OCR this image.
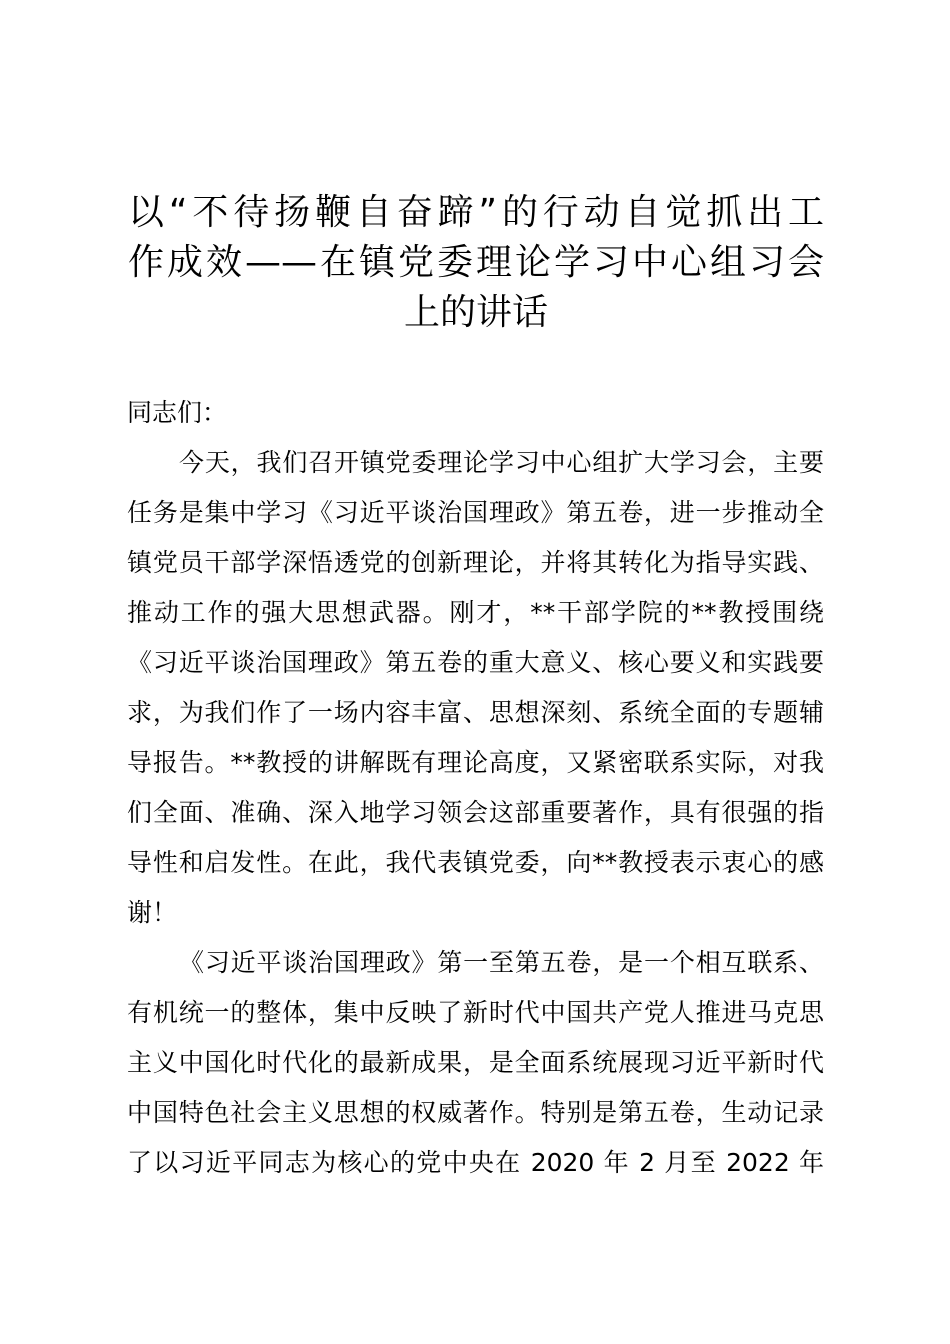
以“不待扬鞭自奋蹄”的行动自觉抓出工
作成效——在镇党委理论学习中心组习会
上的讲话
同志们：
今天，我们召开镇党委理论学习中心组扩大学习会，主要
任务是集中学习《习近平谈治国理政》第五卷，进一步推动全
镇党员干部学深悟透党的创新理论，并将其转化为指导实践、
推动工作的强大思想武器。刚才，**干部学院的**教授围绕
《习近平谈治国理政》第五卷的重大意义、核心要义和实践要
求，为我们作了一场内容丰富、思想深刻、系统全面的专题辅
导报告。**教授的讲解既有理论高度，又紧密联系实际，对我
们全面、准确、深入地学习领会这部重要著作，具有很强的指
导性和启发性。在此，我代表镇党委，向**教授表示衷心的感
谢！
《习近平谈治国理政》第一至第五卷，是一个相互联系、
有机统一的整体，集中反映了新时代中国共产党人推进马克思
主义中国化时代化的最新成果，是全面系统展现习近平新时代
中国特色社会主义思想的权威著作。特别是第五卷，生动记录
了以习近平同志为核心的党中央在 2020 年 2 月至 2022 年
